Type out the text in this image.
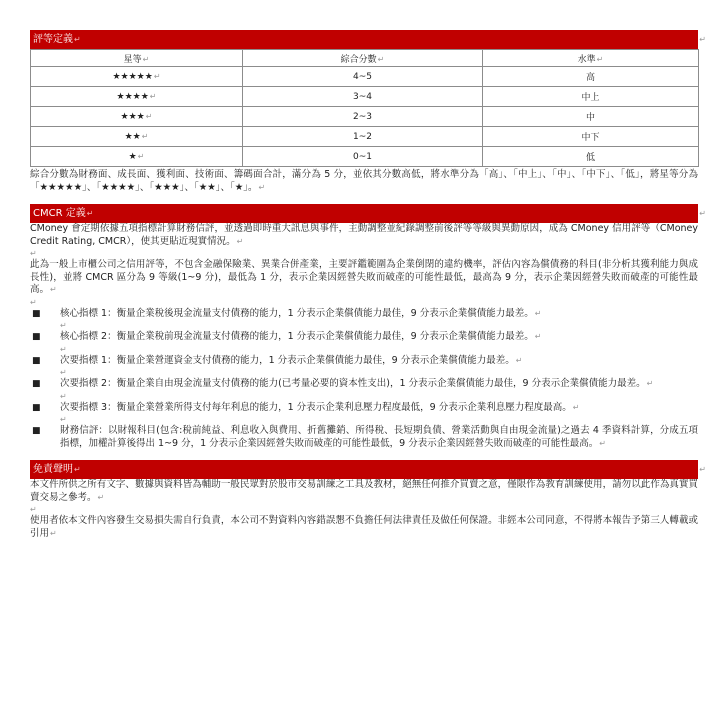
評等定義↵	↵
星等↵	綜合分數↵	水準↵
★★★★★↵	4~5	高
★★★★↵	3~4	中上
★★★↵	2~3	中
★★↵	1~2	中下
★↵	0~1	低

綜合分數為財務面、成長面、獲利面、技術面、籌碼面合計，滿分為 5 分，並依其分數高低，將水準分為「高」、「中上」、「中」、「中下」、「低」，將星等分為「★★★★★」、「★★★★」、「★★★」、「★★」、「★」。↵

CMCR 定義↵	↵

CMoney 會定期依據五項指標計算財務信評，並透過即時重大訊息與事件，主動調整並紀錄調整前後評等等級與異動原因，成為 CMoney 信用評等（CMoney Credit Rating, CMCR），使其更貼近現實情況。↵

↵

此為一般上市櫃公司之信用評等，不包含金融保險業、異業合併產業，主要評鑑範圍為企業倒閉的違約機率，評估內容為償債務的科目(非分析其獲利能力與成長性)，並將 CMCR 區分為 9 等級(1~9 分)，最低為 1 分，表示企業因經營失敗而破產的可能性最低，最高為 9 分，表示企業因經營失敗而破產的可能性最高。↵

↵

■ 核心指標 1：衡量企業稅後現金流量支付債務的能力，1 分表示企業償債能力最佳，9 分表示企業償債能力最差。↵

↵

■ 核心指標 2：衡量企業稅前現金流量支付債務的能力，1 分表示企業償債能力最佳，9 分表示企業償債能力最差。↵

↵

■ 次要指標 1：衡量企業營運資金支付債務的能力，1 分表示企業償債能力最佳，9 分表示企業償債能力最差。↵

↵

■ 次要指標 2：衡量企業自由現金流量支付債務的能力(已考量必要的資本性支出)，1 分表示企業償債能力最佳，9 分表示企業償債能力最差。↵

↵

■ 次要指標 3：衡量企業營業所得支付每年利息的能力，1 分表示企業利息壓力程度最低，9 分表示企業利息壓力程度最高。↵

↵

■ 財務信評：以財報科目(包含:稅前純益、利息收入與費用、折舊攤銷、所得稅、長短期負債、營業活動與自由現金流量)之過去 4 季資料計算，分成五項指標，加權計算後得出 1~9 分，1 分表示企業因經營失敗而破產的可能性最低，9 分表示企業因經營失敗而破產的可能性最高。↵

免責聲明↵	↵

本文件所供之所有文字、數據與資料皆為輔助一般民眾對於股市交易訓練之工具及教材，絕無任何推介買賣之意，僅限作為教育訓練使用，請勿以此作為真實買賣交易之參考。↵

↵

使用者依本文件內容發生交易損失需自行負責，本公司不對資料內容錯誤懇不負擔任何法律責任及做任何保證。非經本公司同意，不得將本報告予第三人轉載或引用↵
